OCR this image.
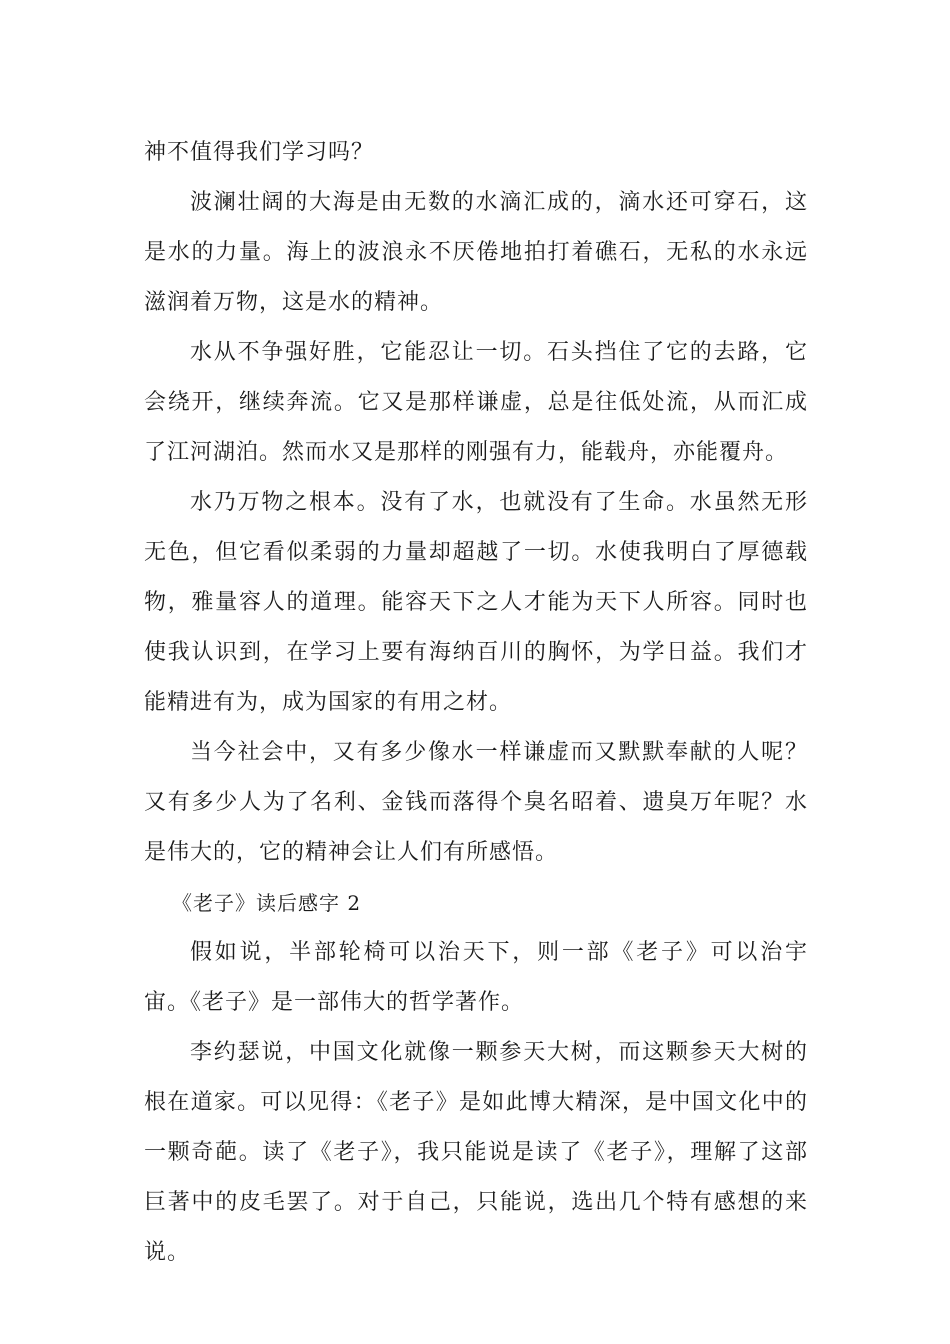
神不值得我们学习吗？

波澜壮阔的大海是由无数的水滴汇成的，滴水还可穿石，这是水的力量。海上的波浪永不厌倦地拍打着礁石，无私的水永远滋润着万物，这是水的精神。

水从不争强好胜，它能忍让一切。石头挡住了它的去路，它会绕开，继续奔流。它又是那样谦虚，总是往低处流，从而汇成了江河湖泊。然而水又是那样的刚强有力，能载舟，亦能覆舟。

水乃万物之根本。没有了水，也就没有了生命。水虽然无形无色，但它看似柔弱的力量却超越了一切。水使我明白了厚德载物，雅量容人的道理。能容天下之人才能为天下人所容。同时也使我认识到，在学习上要有海纳百川的胸怀，为学日益。我们才能精进有为，成为国家的有用之材。

当今社会中，又有多少像水一样谦虚而又默默奉献的人呢？又有多少人为了名利、金钱而落得个臭名昭着、遗臭万年呢？水是伟大的，它的精神会让人们有所感悟。

《老子》读后感字 2

假如说，半部轮椅可以治天下，则一部《老子》可以治宇宙。《老子》是一部伟大的哲学著作。

李约瑟说，中国文化就像一颗参天大树，而这颗参天大树的根在道家。可以见得：《老子》是如此博大精深，是中国文化中的一颗奇葩。读了《老子》，我只能说是读了《老子》，理解了这部巨著中的皮毛罢了。对于自己，只能说，选出几个特有感想的来说。
